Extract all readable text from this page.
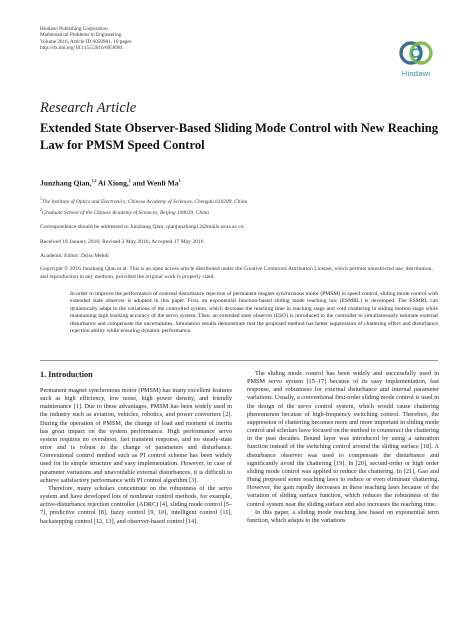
Hindawi Publishing Corporation
Mathematical Problems in Engineering
Volume 2016, Article ID 6058981, 10 pages
http://dx.doi.org/10.1155/2016/6058981
Hindawi
Research Article
Extended State Observer-Based Sliding Mode Control with New Reaching Law for PMSM Speed Control
Junzhang Qian,$^{1,2}$ Ai Xiong,$^1$ and Wenli Ma$^1$
$^1$The Institute of Optics and Electronics, Chinese Academy of Sciences, Chengdu 610209, China
$^2$Graduate School of the Chinese Academy of Sciences, Beijing 100039, China
Correspondence should be addressed to Junzhang Qian; qianjunzhang12@mails.ucas.ac.cn
Received 18 January 2016; Revised 3 May 2016; Accepted 17 May 2016
Academic Editor: Driss Mehdi
Copyright © 2016 Junzhang Qian et al. This is an open access article distributed under the Creative Commons Attribution License, which permits unrestricted use, distribution, and reproduction in any medium, provided the original work is properly cited.
In order to improve the performance of external disturbance rejection of permanent magnet synchronous motor (PMSM) in speed control, sliding mode control with extended state observer is adopted in this paper. First, an exponential function-based sliding mode reaching law (ESMRL) is developed. The ESMRL can dynamically adapt to the variations of the controlled system, which decrease the reaching time in reaching stage and void chattering in sliding motion stage while maintaining high tracking accuracy of the servo system. Then, an extended state observer (ESO) is introduced to the controller to simultaneously estimate external disturbance and compensate the uncertainties. Simulation results demonstrate that the proposed method has better suppression of chattering effect and disturbance rejection ability while ensuring dynamic performance.
1. Introduction

Permanent magnet synchronous motor (PMSM) has many excellent features such as high efficiency, low noise, high power density, and friendly maintenance [1]. Due to these advantages, PMSM has been widely used in the industry such as aviation, vehicles, robotics, and power converters [2]. During the operation of PMSM, the change of load and moment of inertia has great impact on the system performance. High performance servo system requires no overshoot, fast transient response, and no steady-state error and is robust to the change of parameters and disturbance. Conventional control method such as PI control scheme has been widely used for its simple structure and easy implementation. However, in case of parameter variations and unavoidable external disturbances, it is difficult to achieve satisfactory performance with PI control algorithm [3].

Therefore, many scholars concentrate on the robustness of the servo system and have developed lots of nonlinear control methods, for example, active-disturbance rejection controller (ADRC) [4], sliding mode control [5–7], predictive control [8], fuzzy control [9, 10], intelligent control [11], backstepping control [12, 13], and observer-based control [14].

The sliding mode control has been widely and successfully used in PMSM servo system [15–17] because of its easy implementation, fast response, and robustness for external disturbance and internal parameter variations. Usually, a conventional first-order sliding mode control is used in the design of the servo control system, which would cause chattering phenomenon because of high-frequency switching control. Therefore, the suppression of chattering becomes more and more important in sliding mode control and scholars have focused on the method to counteract the chattering in the past decades. Bound layer was introduced by using a saturation function instead of the switching control around the sliding surface [18]. A disturbance observer was used to compensate the disturbance and significantly avoid the chattering [19]. In [20], second-order or high order sliding mode control was applied to reduce the chattering. In [21], Gao and Hung proposed some reaching laws to reduce or even eliminate chattering. However, the gain rapidly decreases in these reaching laws because of the variation of sliding surface function, which reduces the robustness of the control system near the sliding surface and also increases the reaching time.

In this paper, a sliding mode reaching law based on exponential term function, which adapts to the variations
